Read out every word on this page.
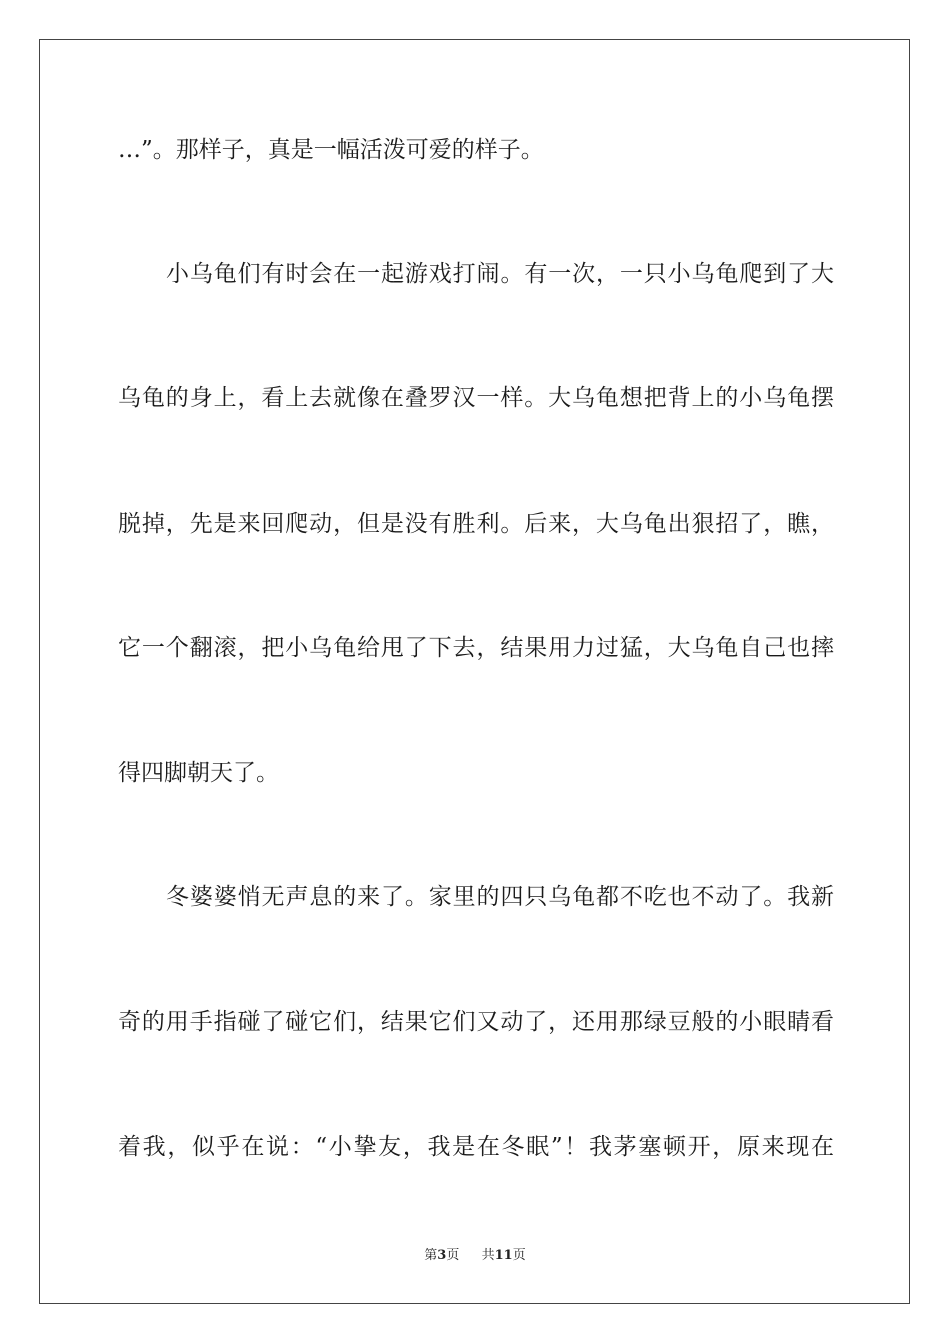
…”。那样子，真是一幅活泼可爱的样子。
小乌龟们有时会在一起游戏打闹。有一次，一只小乌龟爬到了大
乌龟的身上，看上去就像在叠罗汉一样。大乌龟想把背上的小乌龟摆
脱掉，先是来回爬动，但是没有胜利。后来，大乌龟出狠招了，瞧，
它一个翻滚，把小乌龟给甩了下去，结果用力过猛，大乌龟自己也摔
得四脚朝天了。
冬婆婆悄无声息的来了。家里的四只乌龟都不吃也不动了。我新
奇的用手指碰了碰它们，结果它们又动了，还用那绿豆般的小眼睛看
着我，似乎在说：“小挚友，我是在冬眠”！我茅塞顿开，原来现在
第3页 共11页
